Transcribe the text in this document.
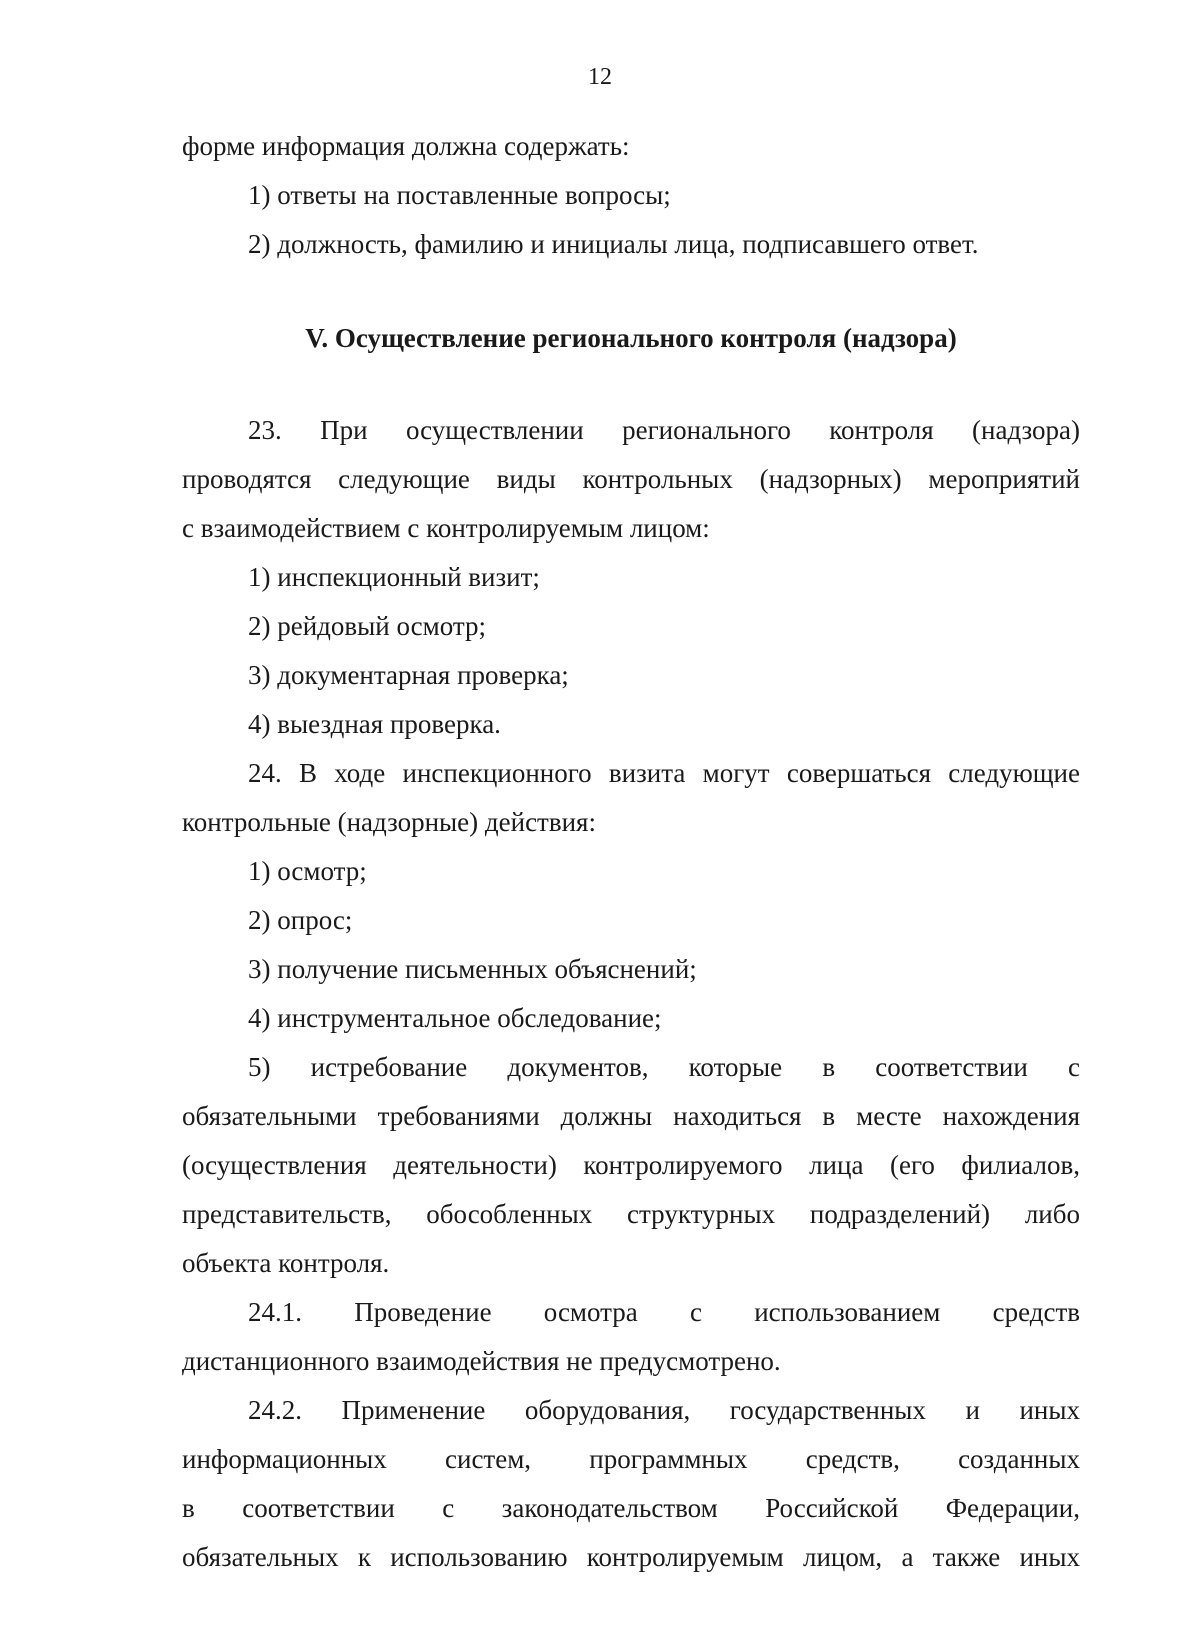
12
форме информация должна содержать:
1) ответы на поставленные вопросы;
2) должность, фамилию и инициалы лица, подписавшего ответ.
V. Осуществление регионального контроля (надзора)
23. При осуществлении регионального контроля (надзора)
проводятся следующие виды контрольных (надзорных) мероприятий
с взаимодействием с контролируемым лицом:
1) инспекционный визит;
2) рейдовый осмотр;
3) документарная проверка;
4) выездная проверка.
24. В ходе инспекционного визита могут совершаться следующие
контрольные (надзорные) действия:
1) осмотр;
2) опрос;
3) получение письменных объяснений;
4) инструментальное обследование;
5) истребование документов, которые в соответствии с
обязательными требованиями должны находиться в месте нахождения
(осуществления деятельности) контролируемого лица (его филиалов,
представительств, обособленных структурных подразделений) либо
объекта контроля.
24.1. Проведение осмотра с использованием средств
дистанционного взаимодействия не предусмотрено.
24.2. Применение оборудования, государственных и иных
информационных систем, программных средств, созданных
в соответствии с законодательством Российской Федерации,
обязательных к использованию контролируемым лицом, а также иных
